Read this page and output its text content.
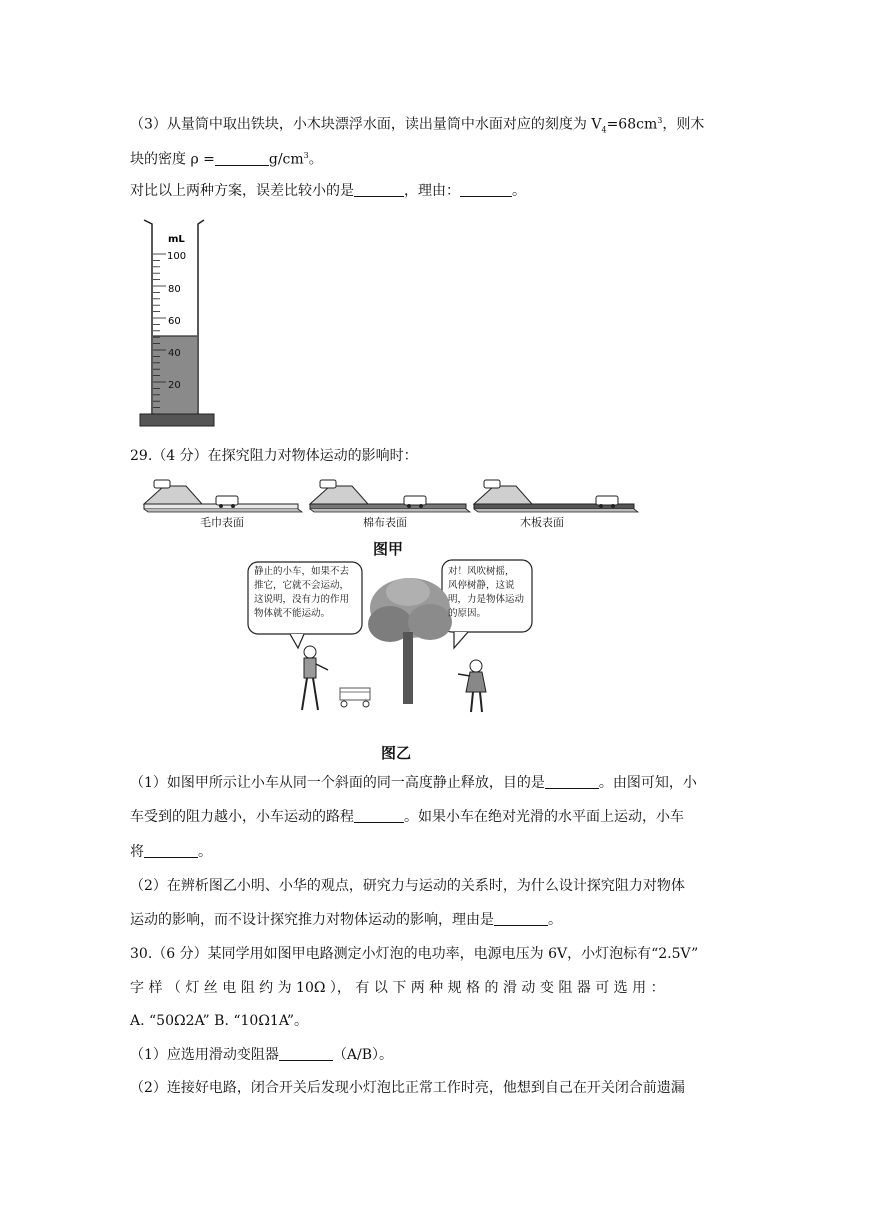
（3）从量筒中取出铁块，小木块漂浮水面，读出量筒中水面对应的刻度为 $V_4=68cm^3$，则木
块的密度 ρ =	$g/cm^3$。
对比以上两种方案，误差比较小的是	，理由：	。
mL
100
80
60
40
20
29.（4 分）在探究阻力对物体运动的影响时：
毛巾表面	棉布表面	木板表面
图甲
静止的小车，如果不去
推它，它就不会运动，
这说明，没有力的作用
物体就不能运动。
对！风吹树摇，
风停树静，这说
明，力是物体运动
的原因。
图乙
（1）如图甲所示让小车从同一个斜面的同一高度静止释放，目的是	。由图可知，小
车受到的阻力越小，小车运动的路程	。如果小车在绝对光滑的水平面上运动，小车
将	。
（2）在辨析图乙小明、小华的观点，研究力与运动的关系时，为什么设计探究阻力对物体
运动的影响，而不设计探究推力对物体运动的影响，理由是	。
30.（6 分）某同学用如图甲电路测定小灯泡的电功率，电源电压为 6V，小灯泡标有“2.5V”
字 样 （ 灯 丝 电 阻 约 为 10Ω ）， 有 以 下 两 种 规 格 的 滑 动 变 阻 器 可 选 用 ：
A. “50Ω2A” B. “10Ω1A”。
（1）应选用滑动变阻器	（A/B）。
（2）连接好电路，闭合开关后发现小灯泡比正常工作时亮，他想到自己在开关闭合前遗漏
